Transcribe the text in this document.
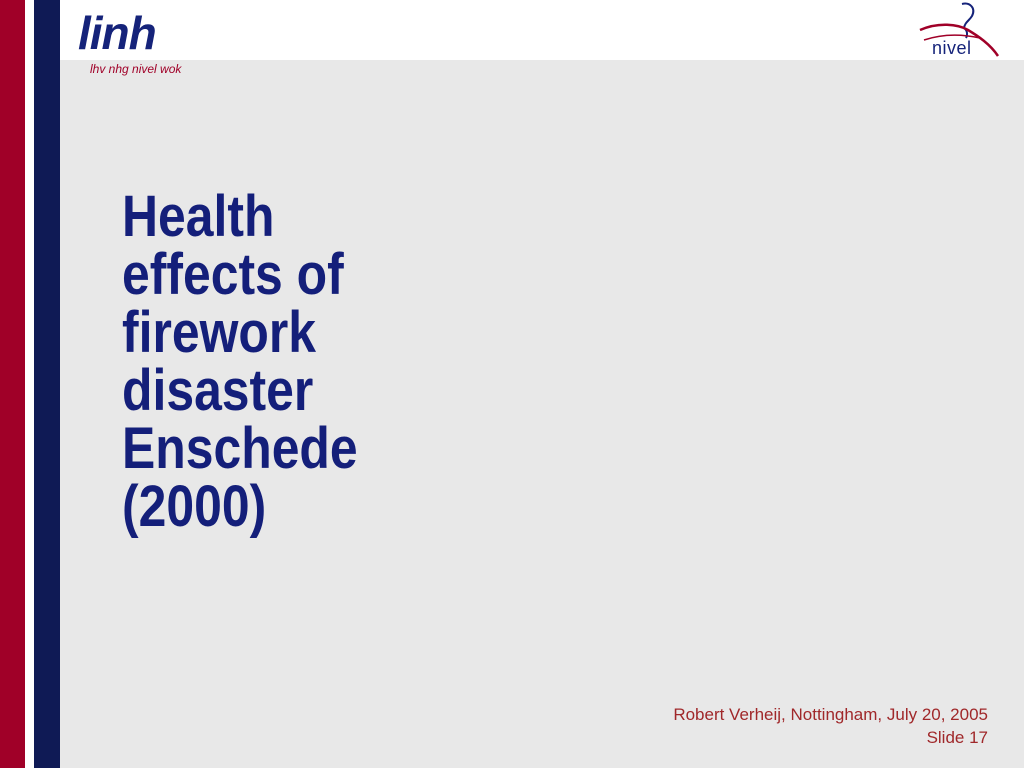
linh
lhv nhg nivel wok
nivel
Health
effects of
firework
disaster
Enschede
(2000)
Robert Verheij, Nottingham, July 20, 2005
Slide 17
